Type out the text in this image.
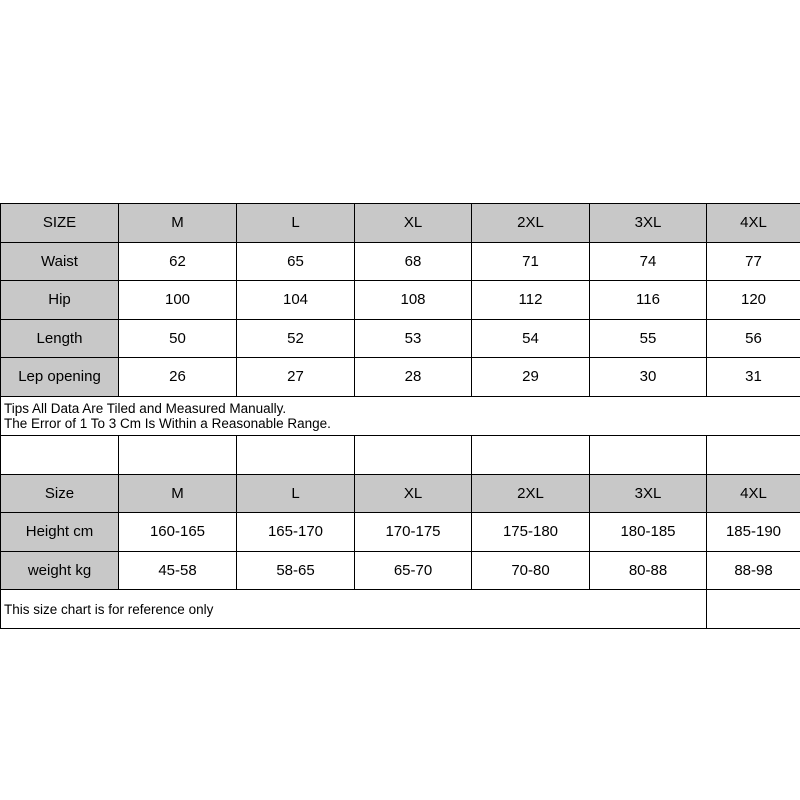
SIZE	M	L	XL	2XL	3XL	4XL
Waist	62	65	68	71	74	77
Hip	100	104	108	112	116	120
Length	50	52	53	54	55	56
Lep opening	26	27	28	29	30	31
Tips All Data Are Tiled and Measured Manually.						
The Error of 1 To 3 Cm Is Within a Reasonable Range.						

Size	M	L	XL	2XL	3XL	4XL
Height cm	160-165	165-170	170-175	175-180	180-185	185-190
weight kg	45-58	58-65	65-70	70-80	80-88	88-98
This size chart is for reference only						
